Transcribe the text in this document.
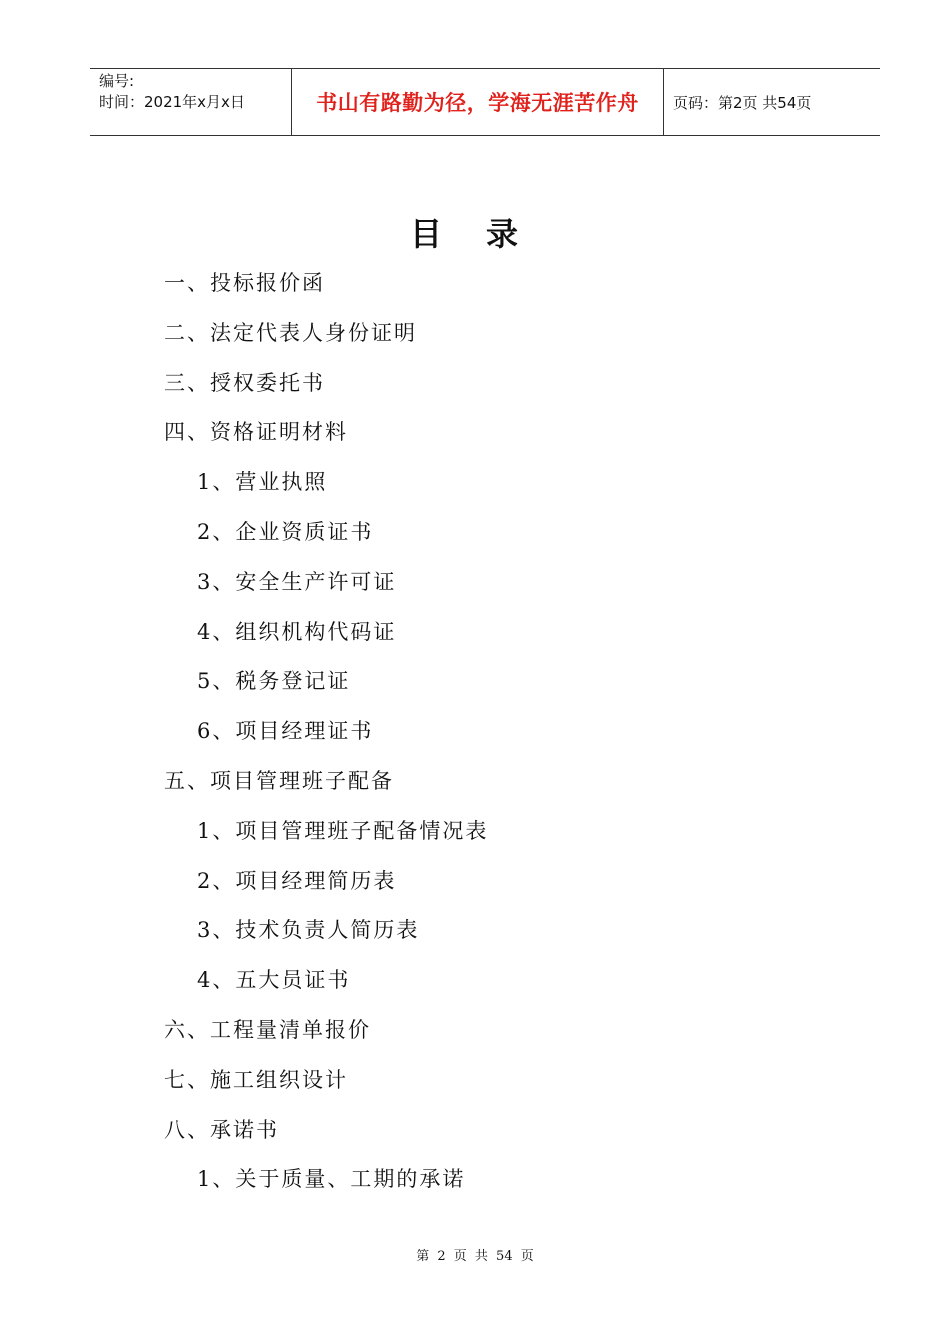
编号:
时间：2021年x月x日	书山有路勤为径，学海无涯苦作舟	页码：第2页 共54页
目录
一、投标报价函
二、法定代表人身份证明
三、授权委托书
四、资格证明材料
1、营业执照
2、企业资质证书
3、安全生产许可证
4、组织机构代码证
5、税务登记证
6、项目经理证书
五、项目管理班子配备
1、项目管理班子配备情况表
2、项目经理简历表
3、技术负责人简历表
4、五大员证书
六、工程量清单报价
七、施工组织设计
八、承诺书
1、关于质量、工期的承诺
第 2 页 共 54 页
